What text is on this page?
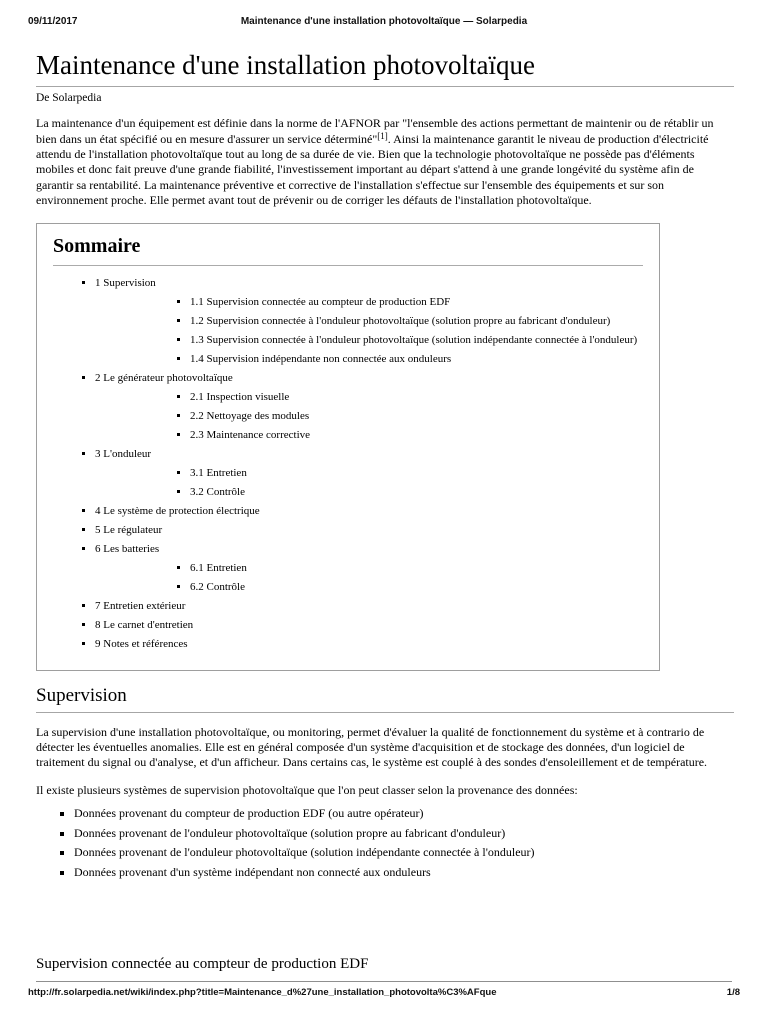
09/11/2017	Maintenance d'une installation photovoltaïque — Solarpedia
Maintenance d'une installation photovoltaïque
De Solarpedia

La maintenance d'un équipement est définie dans la norme de l'AFNOR par "l'ensemble des actions permettant de maintenir ou de rétablir un bien dans un état spécifié ou en mesure d'assurer un service déterminé"[1]. Ainsi la maintenance garantit le niveau de production d'électricité attendu de l'installation photovoltaïque tout au long de sa durée de vie. Bien que la technologie photovoltaïque ne possède pas d'éléments mobiles et donc fait preuve d'une grande fiabilité, l'investissement important au départ s'attend à une grande longévité du système afin de garantir sa rentabilité. La maintenance préventive et corrective de l'installation s'effectue sur l'ensemble des équipements et sur son environnement proche. Elle permet avant tout de prévenir ou de corriger les défauts de l'installation photovoltaïque.

Sommaire
▪ 1 Supervision
▪ 1.1 Supervision connectée au compteur de production EDF
▪ 1.2 Supervision connectée à l'onduleur photovoltaïque (solution propre au fabricant d'onduleur)
▪ 1.3 Supervision connectée à l'onduleur photovoltaïque (solution indépendante connectée à l'onduleur)
▪ 1.4 Supervision indépendante non connectée aux onduleurs
▪ 2 Le générateur photovoltaïque
▪ 2.1 Inspection visuelle
▪ 2.2 Nettoyage des modules
▪ 2.3 Maintenance corrective
▪ 3 L'onduleur
▪ 3.1 Entretien
▪ 3.2 Contrôle
▪ 4 Le système de protection électrique
▪ 5 Le régulateur
▪ 6 Les batteries
▪ 6.1 Entretien
▪ 6.2 Contrôle
▪ 7 Entretien extérieur
▪ 8 Le carnet d'entretien
▪ 9 Notes et références
Supervision

La supervision d'une installation photovoltaïque, ou monitoring, permet d'évaluer la qualité de fonctionnement du système et à contrario de détecter les éventuelles anomalies. Elle est en général composée d'un système d'acquisition et de stockage des données, d'un logiciel de traitement du signal ou d'analyse, et d'un afficheur. Dans certains cas, le système est couplé à des sondes d'ensoleillement et de température.

Il existe plusieurs systèmes de supervision photovoltaïque que l'on peut classer selon la provenance des données:

▪ Données provenant du compteur de production EDF (ou autre opérateur)
▪ Données provenant de l'onduleur photovoltaïque (solution propre au fabricant d'onduleur)
▪ Données provenant de l'onduleur photovoltaïque (solution indépendante connectée à l'onduleur)
▪ Données provenant d'un système indépendant non connecté aux onduleurs
Supervision connectée au compteur de production EDF
http://fr.solarpedia.net/wiki/index.php?title=Maintenance_d%27une_installation_photovolta%C3%AFque	1/8
